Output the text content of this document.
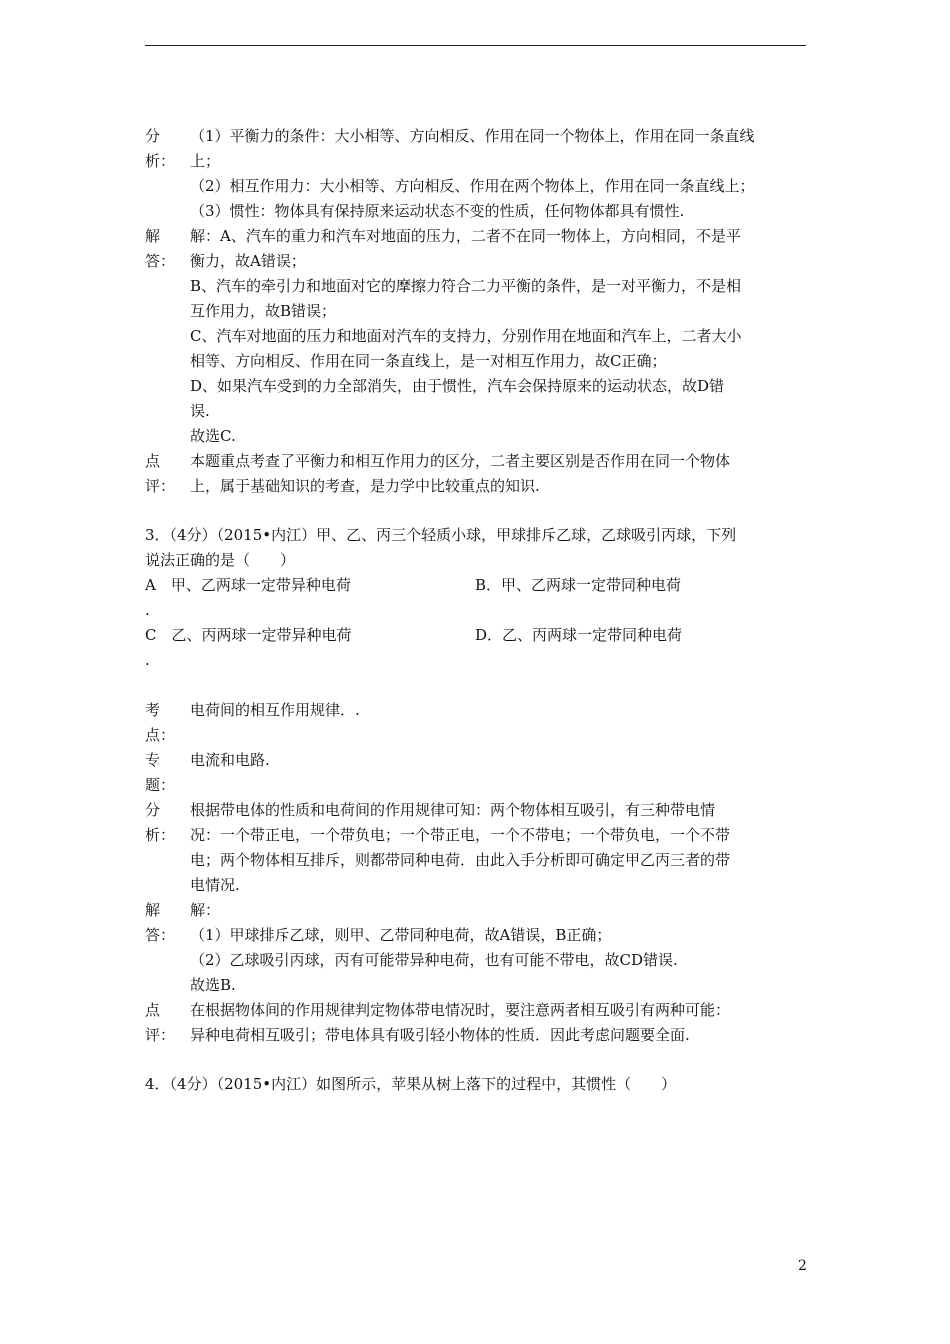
分	（1）平衡力的条件：大小相等、方向相反、作用在同一个物体上，作用在同一条直线
析： 上；
（2）相互作用力：大小相等、方向相反、作用在两个物体上，作用在同一条直线上；
（3）惯性：物体具有保持原来运动状态不变的性质，任何物体都具有惯性.
解	解：A、汽车的重力和汽车对地面的压力，二者不在同一物体上，方向相同，不是平
答： 衡力，故A错误；
B、汽车的牵引力和地面对它的摩擦力符合二力平衡的条件，是一对平衡力，不是相
互作用力，故B错误；
C、汽车对地面的压力和地面对汽车的支持力，分别作用在地面和汽车上，二者大小
相等、方向相反、作用在同一条直线上，是一对相互作用力，故C正确；
D、如果汽车受到的力全部消失，由于惯性，汽车会保持原来的运动状态，故D错
误.
故选C.
点	本题重点考查了平衡力和相互作用力的区分，二者主要区别是否作用在同一个物体
评： 上，属于基础知识的考查，是力学中比较重点的知识.
3．（4分）（2015•内江）甲、乙、丙三个轻质小球，甲球排斥乙球，乙球吸引丙球，下列
说法正确的是（　　）
A　甲、乙两球一定带异种电荷	B．甲、乙两球一定带同种电荷
.
C　乙、丙两球一定带异种电荷	D．乙、丙两球一定带同种电荷
.
考	电荷间的相互作用规律．.
点：
专	电流和电路.
题：
分	根据带电体的性质和电荷间的作用规律可知：两个物体相互吸引，有三种带电情
析： 况：一个带正电，一个带负电；一个带正电，一个不带电；一个带负电，一个不带
电；两个物体相互排斥，则都带同种电荷．由此入手分析即可确定甲乙丙三者的带
电情况.
解	解：
答： （1）甲球排斥乙球，则甲、乙带同种电荷，故A错误，B正确；
（2）乙球吸引丙球，丙有可能带异种电荷，也有可能不带电，故CD错误.
故选B.
点	在根据物体间的作用规律判定物体带电情况时，要注意两者相互吸引有两种可能：
评： 异种电荷相互吸引；带电体具有吸引轻小物体的性质．因此考虑问题要全面.
4．（4分）（2015•内江）如图所示，苹果从树上落下的过程中，其惯性（　　）
2
